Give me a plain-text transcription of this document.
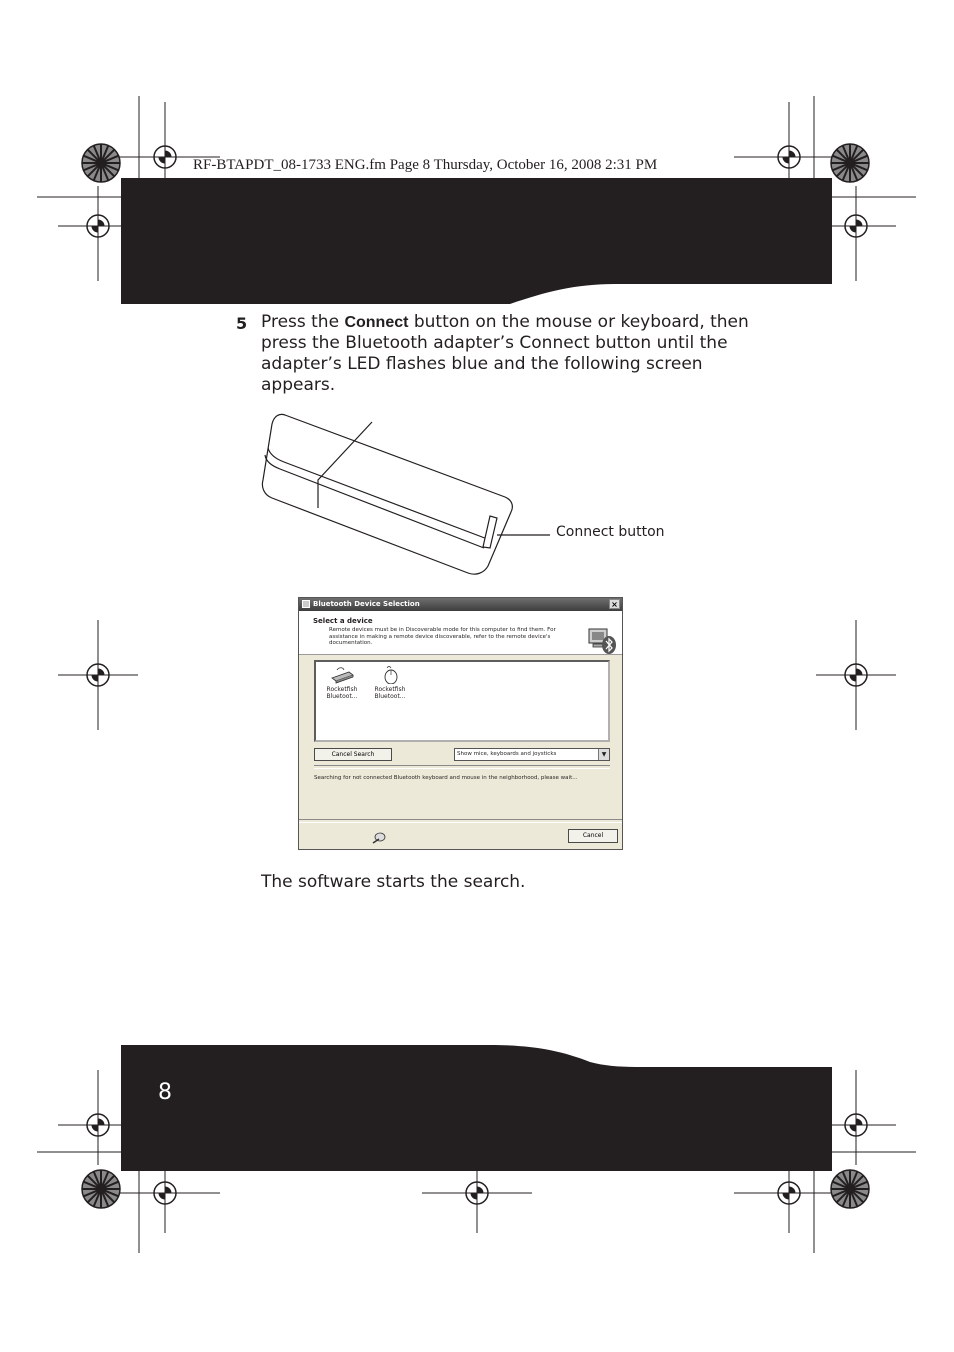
RF-BTAPDT_08-1733 ENG.fm Page 8 Thursday, October 16, 2008 2:31 PM
5 Press the Connect button on the mouse or keyboard, then press the Bluetooth adapter’s Connect button until the adapter’s LED flashes blue and the following screen appears.
Connect button
Bluetooth Device Selection	×
Select a device
Remote devices must be in Discoverable mode for this computer to find them. For assistance in making a remote device discoverable, refer to the remote device's documentation.
Rocketfish Bluetoot...
Rocketfish Bluetoot...
Cancel Search	Show mice, keyboards and joysticks	▼
Searching for not connected Bluetooth keyboard and mouse in the neighborhood, please wait...
Cancel
The software starts the search.
8
